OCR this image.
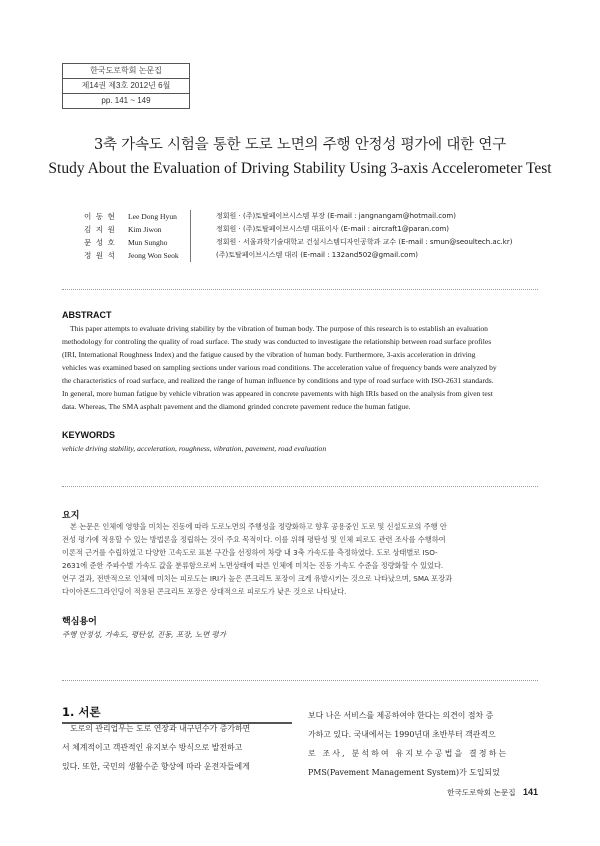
한국도로학회 논문집
제14권 제3호 2012년 6월
pp. 141 ~ 149
3축 가속도 시험을 통한 도로 노면의 주행 안정성 평가에 대한 연구
Study About the Evaluation of Driving Stability Using 3-axis Accelerometer Test
이 동 현	Lee Dong Hyun	정회원 · (주)토탈페이브시스템 부장 (E-mail : jangnangam@hotmail.com)
김 지 원	Kim Jiwon	정회원 · (주)토탈페이브시스템 대표이사 (E-mail : aircraft1@paran.com)
문 성 호	Mun Sungho	정회원 · 서울과학기술대학교 건설시스템디자인공학과 교수 (E-mail : smun@seoultech.ac.kr)
정 원 석	Jeong Won Seok	(주)토탈페이브시스템 대리 (E-mail : 132and502@gmail.com)
ABSTRACT
This paper attempts to evaluate driving stability by the vibration of human body. The purpose of this research is to establish an evaluation
methodology for controling the quality of road surface. The study was conducted to investigate the relationship between road surface profiles
(IRI, International Roughness Index) and the fatigue caused by the vibration of human body. Furthermore, 3-axis acceleration in driving
vehicles was examined based on sampling sections under various road conditions. The acceleration value of frequency bands were analyzed by
the characteristics of road surface, and realized the range of human influence by conditions and type of road surface with ISO-2631 standards.
In general, more human fatigue by vehicle vibration was appeared in concrete pavements with high IRIs based on the analysis from given test
data. Whereas, The SMA asphalt pavement and the diamond grinded concrete pavement reduce the human fatigue.
KEYWORDS
vehicle driving stability, acceleration, roughness, vibration, pavement, road evaluation
요지
본 논문은 인체에 영향을 미치는 진동에 따라 도로노면의 주행성을 정량화하고 향후 공용중인 도로 및 신설도로의 주행 안
전성 평가에 적용할 수 있는 방법론을 정립하는 것이 주요 목적이다. 이를 위해 평탄성 및 인체 피로도 관련 조사를 수행하여
이론적 근거를 수립하였고 다양한 고속도로 표본 구간을 선정하여 차량 내 3축 가속도를 측정하였다. 도로 상태별로 ISO-
2631에 준한 주파수별 가속도 값을 분류함으로써 노면상태에 따른 인체에 미치는 진동 가속도 수준을 정량화할 수 있었다.
연구 결과, 전반적으로 인체에 미치는 피로도는 IRI가 높은 콘크리트 포장이 크게 유발시키는 것으로 나타났으며, SMA 포장과
다이아몬드그라인딩이 적용된 콘크리트 포장은 상대적으로 피로도가 낮은 것으로 나타났다.
핵심용어
주행 안정성, 가속도, 평탄성, 진동, 포장, 노면 평가
1. 서론
도로의 관리업무는 도로 연장과 내구년수가 증가하면
서 체계적이고 객관적인 유지보수 방식으로 발전하고
있다. 또한, 국민의 생활수준 향상에 따라 운전자들에게
보다 나은 서비스를 제공하여야 한다는 의견이 점차 증
가하고 있다. 국내에서는 1990년대 초반부터 객관적으
로 조사, 분석하여 유지보수공법을 결정하는
PMS(Pavement Management System)가 도입되었
한국도로학회 논문집 141
